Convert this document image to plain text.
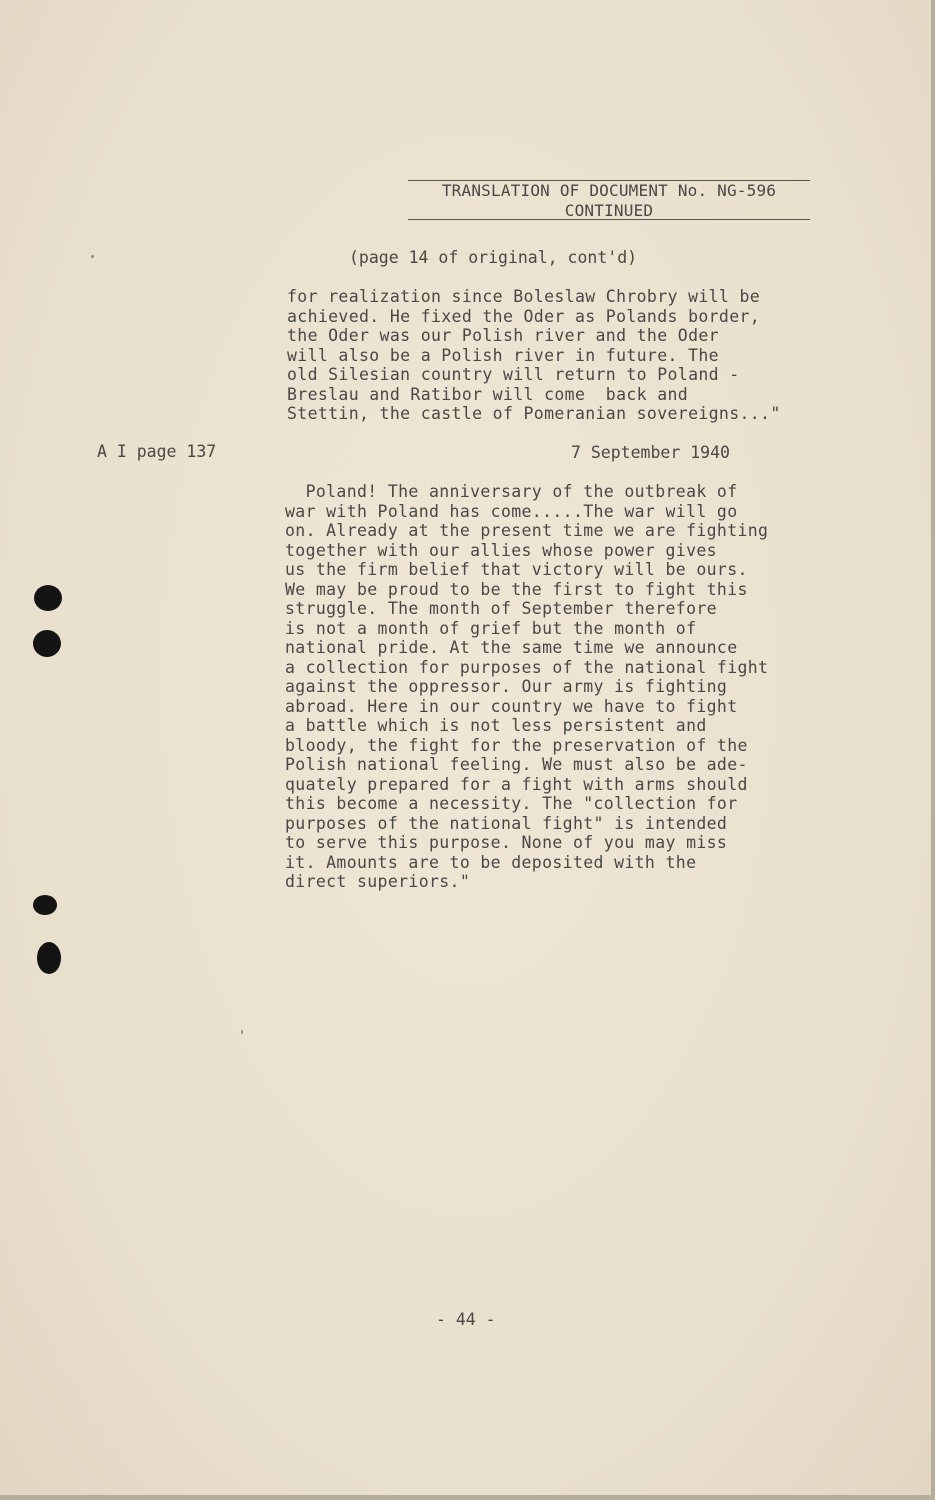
TRANSLATION OF DOCUMENT No. NG-596
CONTINUED
(page 14 of original, cont'd)

for realization since Boleslaw Chrobry will be
achieved. He fixed the Oder as Polands border,
the Oder was our Polish river and the Oder
will also be a Polish river in future. The
old Silesian country will return to Poland -
Breslau and Ratibor will come  back and
Stettin, the castle of Pomeranian sovereigns..."

A I page 137	7 September 1940

Poland! The anniversary of the outbreak of
war with Poland has come.....The war will go
on. Already at the present time we are fighting
together with our allies whose power gives
us the firm belief that victory will be ours.
We may be proud to be the first to fight this
struggle. The month of September therefore
is not a month of grief but the month of
national pride. At the same time we announce
a collection for purposes of the national fight
against the oppressor. Our army is fighting
abroad. Here in our country we have to fight
a battle which is not less persistent and
bloody, the fight for the preservation of the
Polish national feeling. We must also be ade-
quately prepared for a fight with arms should
this become a necessity. The "collection for
purposes of the national fight" is intended
to serve this purpose. None of you may miss
it. Amounts are to be deposited with the
direct superiors."

- 44 -
